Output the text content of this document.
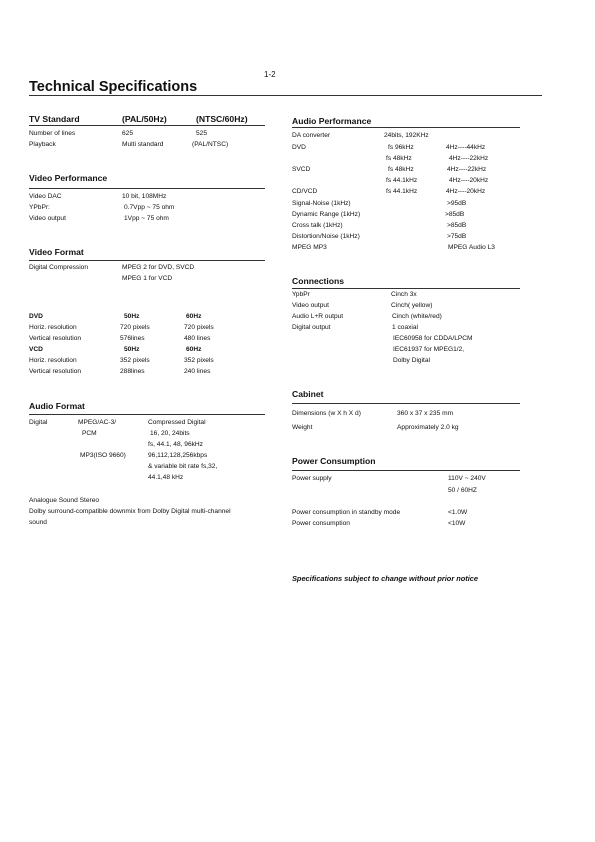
1-2
Technical Specifications
TV Standard	(PAL/50Hz)	(NTSC/60Hz)
Number of lines	625	525
Playback	Multi standard	(PAL/NTSC)
Video Performance
Video DAC	10 bit, 108MHz
YPbPr:	0.7Vpp ~ 75 ohm
Video output	1Vpp ~ 75 ohm
Video Format
Digital Compression	MPEG 2 for DVD, SVCD
MPEG 1 for VCD
DVD	50Hz	60Hz
Horiz. resolution	720 pixels	720 pixels
Vertical resolution	576lines	480 lines
VCD	50Hz	60Hz
Horiz. resolution	352 pixels	352 pixels
Vertical resolution	288lines	240 lines
Audio Format
Digital	MPEG/AC-3/	Compressed Digital
PCM	16, 20, 24bits
fs, 44.1, 48, 96kHz
MP3(ISO 9660)	96,112,128,256kbps
& variable bit rate fs,32,
44.1,48 kHz
Analogue Sound Stereo
Dolby surround-compatible downmix from Dolby Digital multi-channel
sound
Audio Performance
DA converter	24bits, 192KHz
DVD	fs 96kHz	4Hz----44kHz
fs 48kHz	4Hz----22kHz
SVCD	fs 48kHz	4Hz----22kHz
fs 44.1kHz	4Hz----20kHz
CD/VCD	fs 44.1kHz	4Hz----20kHz
Signal-Noise (1kHz)	>95dB
Dynamic Range (1kHz)	>85dB
Cross talk (1kHz)	>85dB
Distortion/Noise (1kHz)	>75dB
MPEG MP3	MPEG Audio L3
Connections
YpbPr	Cinch 3x
Video output	Cinch( yellow)
Audio L+R output	Cinch (white/red)
Digital output	1 coaxial
IEC60958 for CDDA/LPCM
IEC61937 for MPEG1/2,
Dolby Digital
Cabinet
Dimensions (w X h X d)	360 x 37 x 235 mm
Weight	Approximately 2.0 kg
Power Consumption
Power supply	110V ~ 240V
50 / 60HZ
Power consumption in standby mode	<1.0W
Power consumption	<10W
Specifications subject to change without prior notice
